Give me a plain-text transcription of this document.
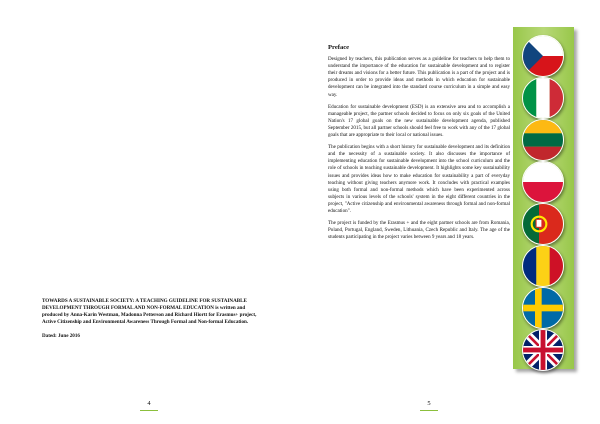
TOWARDS A SUSTAINABLE SOCIETY: A TEACHING GUIDELINE FOR SUSTAINABLE DEVELOPMENT THROUGH FORMAL AND NON-FORMAL EDUCATION is written and produced by Anna-Karin Westman, Madonna Petterson and Richard Hiortt for Erasmus+ project, Active Citizenship and Environmental Awareness Through Formal and Non-formal Education.
Dated: June 2016
4
Preface

Designed by teachers, this publication serves as a guideline for teachers to help them to understand the importance of the education for sustainable development and to register their dreams and visions for a better future. This publication is a part of the project and is produced in order to provide ideas and methods in which education for sustainable development can be integrated into the standard course curriculum in a simple and easy way.

Education for sustainable development (ESD) is an extensive area and to accomplish a manageable project, the partner schools decided to focus on only six goals of the United Nation's 17 global goals on the new sustainable development agenda, published September 2015, but all partner schools should feel free to work with any of the 17 global goals that are appropriate to their local or national issues.

The publication begins with a short history for sustainable development and its definition and the necessity of a sustainable society. It also discusses the importance of implementing education for sustainable development into the school curriculum and the role of schools in teaching sustainable development. It highlights some key sustainability issues and provides ideas how to make education for sustainability a part of everyday teaching without giving teachers anymore work. It concludes with practical examples using both formal and non-formal methods which have been experimented across subjects in various levels of the schools' system in the eight different countries in the project, "Active citizenship and environmental awareness through formal and non-formal education".

The project is funded by the Erasmus + and the eight partner schools are from Romania, Poland, Portugal, England, Sweden, Lithuania, Czech Republic and Italy. The age of the students participating in the project varies between 9 years and 18 years.

5
